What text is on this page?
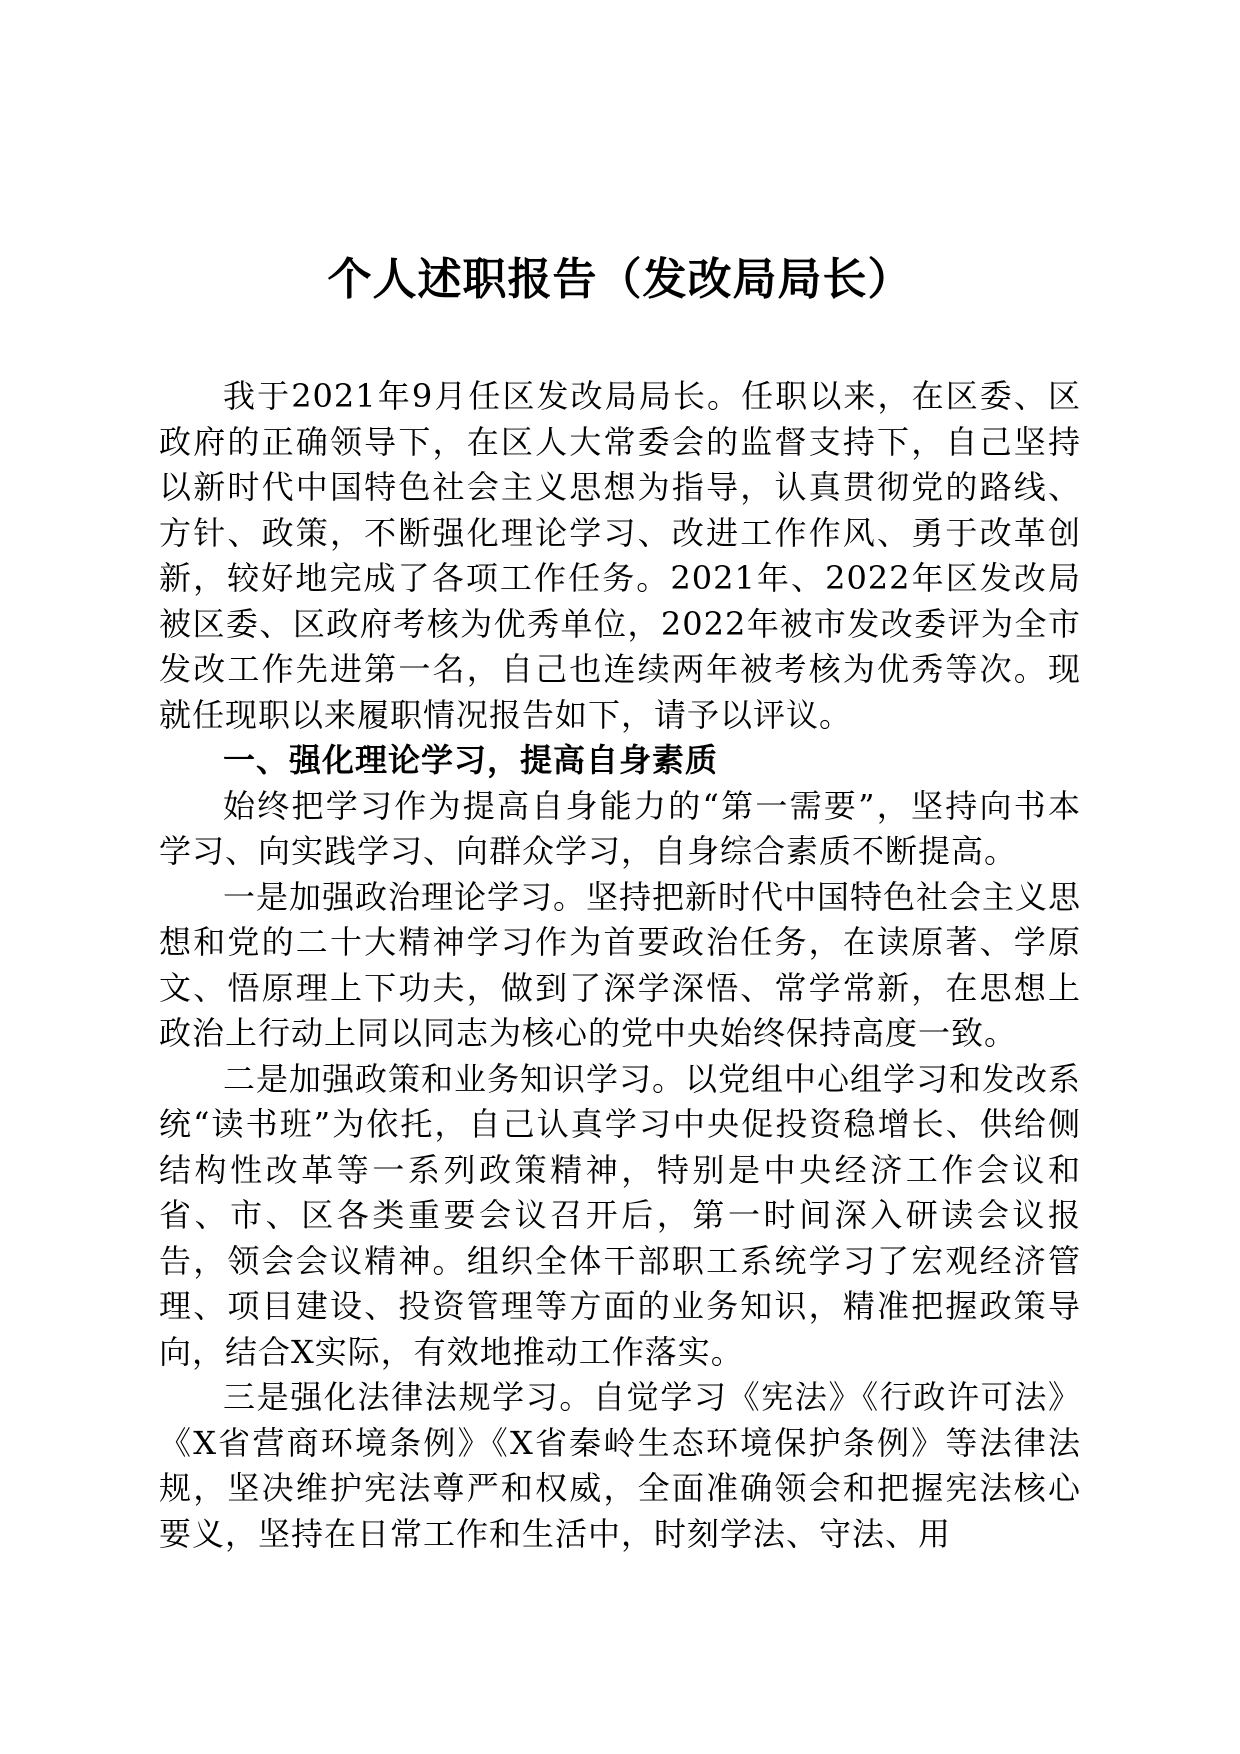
个人述职报告（发改局局长）

我于2021年9月任区发改局局长。任职以来，在区委、区政府的正确领导下，在区人大常委会的监督支持下，自己坚持以新时代中国特色社会主义思想为指导，认真贯彻党的路线、方针、政策，不断强化理论学习、改进工作作风、勇于改革创新，较好地完成了各项工作任务。2021年、2022年区发改局被区委、区政府考核为优秀单位，2022年被市发改委评为全市发改工作先进第一名，自己也连续两年被考核为优秀等次。现就任现职以来履职情况报告如下，请予以评议。

一、强化理论学习，提高自身素质

始终把学习作为提高自身能力的“第一需要”，坚持向书本学习、向实践学习、向群众学习，自身综合素质不断提高。

一是加强政治理论学习。坚持把新时代中国特色社会主义思想和党的二十大精神学习作为首要政治任务，在读原著、学原文、悟原理上下功夫，做到了深学深悟、常学常新，在思想上政治上行动上同以同志为核心的党中央始终保持高度一致。

二是加强政策和业务知识学习。以党组中心组学习和发改系统“读书班”为依托，自己认真学习中央促投资稳增长、供给侧结构性改革等一系列政策精神，特别是中央经济工作会议和省、市、区各类重要会议召开后，第一时间深入研读会议报告，领会会议精神。组织全体干部职工系统学习了宏观经济管理、项目建设、投资管理等方面的业务知识，精准把握政策导向，结合X实际，有效地推动工作落实。

三是强化法律法规学习。自觉学习《宪法》《行政许可法》《X省营商环境条例》《X省秦岭生态环境保护条例》等法律法规，坚决维护宪法尊严和权威，全面准确领会和把握宪法核心要义，坚持在日常工作和生活中，时刻学法、守法、用
